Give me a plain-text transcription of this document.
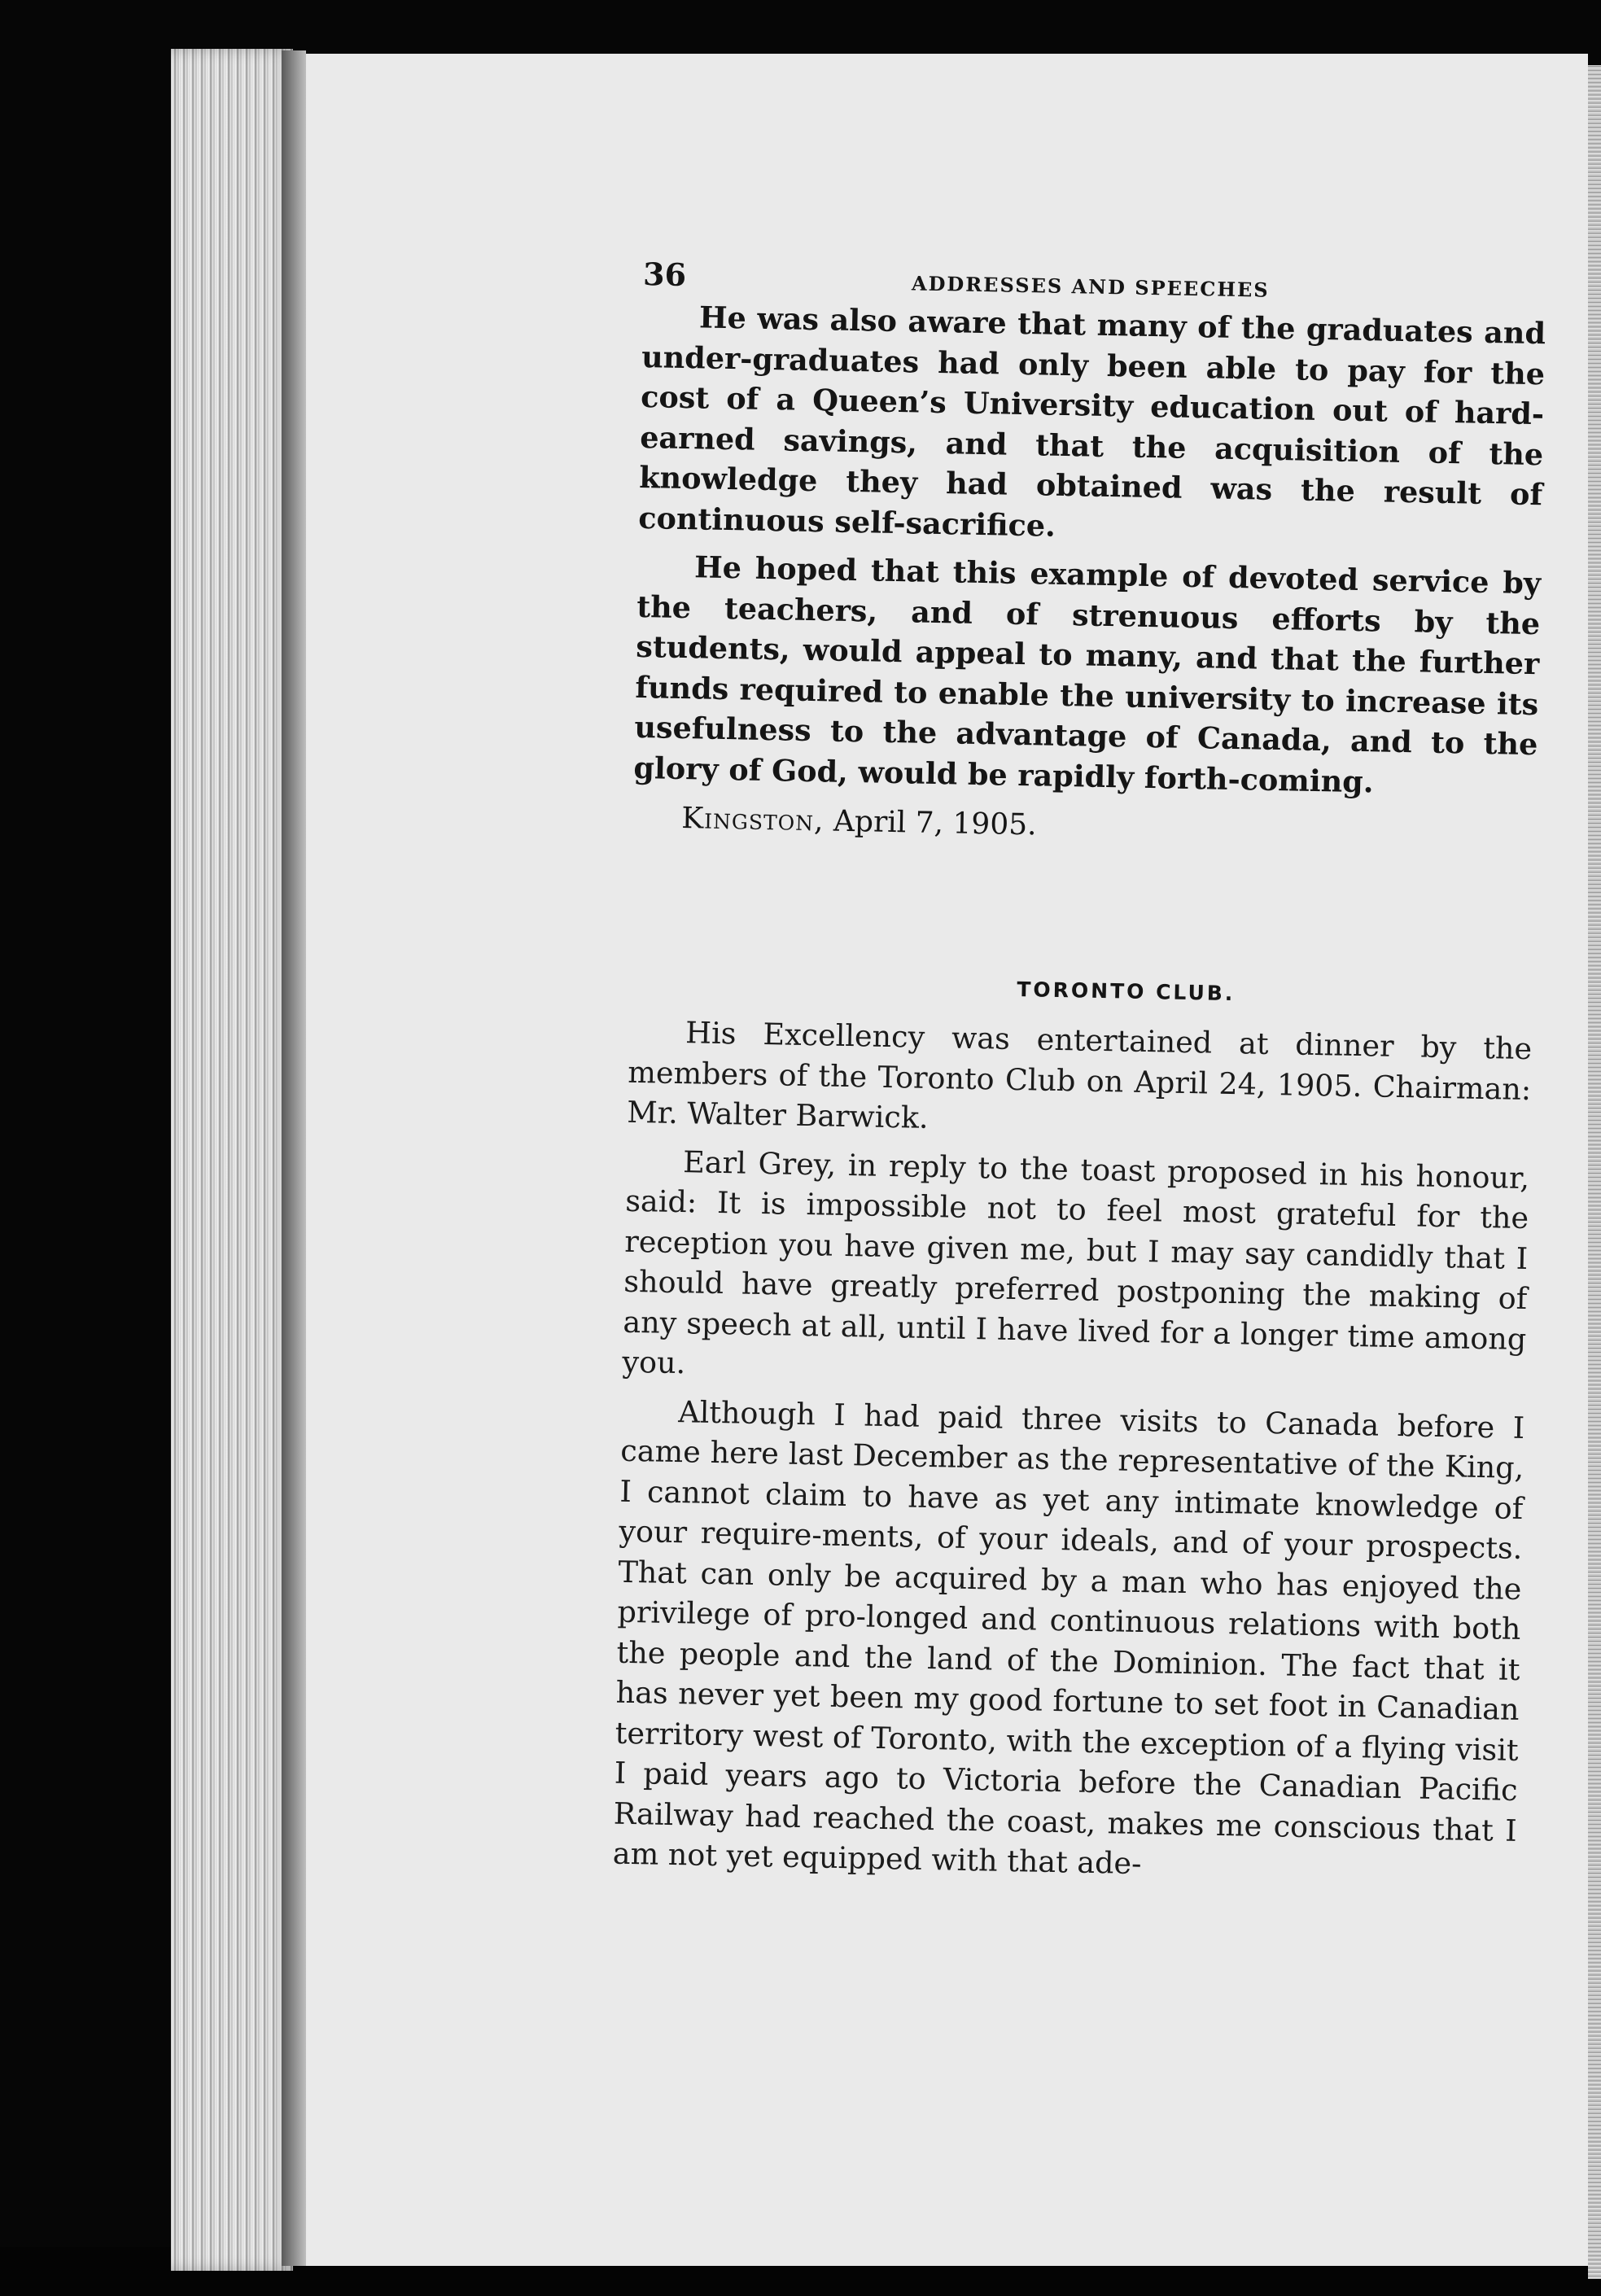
36	ADDRESSES AND SPEECHES

He was also aware that many of the graduates and under-graduates had only been able to pay for the cost of a Queen’s University education out of hard-earned savings, and that the acquisition of the knowledge they had obtained was the result of continuous self-sacrifice.

He hoped that this example of devoted service by the teachers, and of strenuous efforts by the students, would appeal to many, and that the further funds required to enable the university to increase its usefulness to the advantage of Canada, and to the glory of God, would be rapidly forth-coming.

Kingston, April 7, 1905.
TORONTO CLUB.

His Excellency was entertained at dinner by the members of the Toronto Club on April 24, 1905. Chairman: Mr. Walter Barwick.

Earl Grey, in reply to the toast proposed in his honour, said: It is impossible not to feel most grateful for the reception you have given me, but I may say candidly that I should have greatly preferred postponing the making of any speech at all, until I have lived for a longer time among you.

Although I had paid three visits to Canada before I came here last December as the representative of the King, I cannot claim to have as yet any intimate knowledge of your require-ments, of your ideals, and of your prospects. That can only be acquired by a man who has enjoyed the privilege of pro-longed and continuous relations with both the people and the land of the Dominion. The fact that it has never yet been my good fortune to set foot in Canadian territory west of Toronto, with the exception of a flying visit I paid years ago to Victoria before the Canadian Pacific Railway had reached the coast, makes me conscious that I am not yet equipped with that ade-
